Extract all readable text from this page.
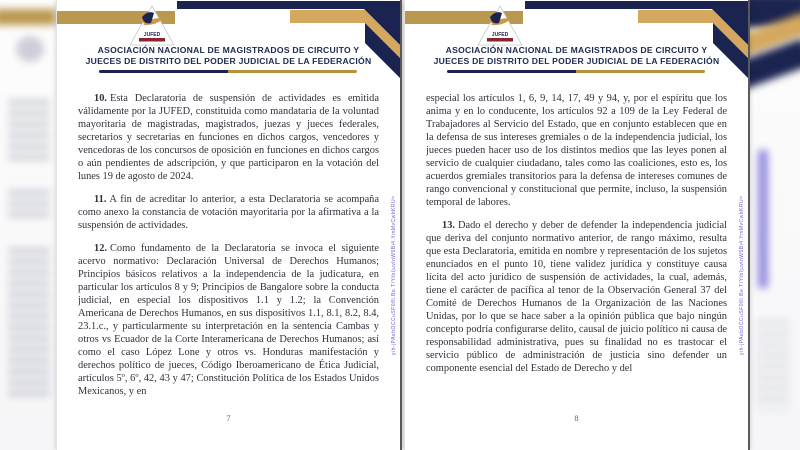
JUFED
ASOCIACIÓN NACIONAL DE MAGISTRADOS DE CIRCUITO Y
JUECES DE DISTRITO DEL PODER JUDICIAL DE LA FEDERACIÓN

10. Esta Declaratoria de suspensión de actividades es emitida válidamente por la JUFED, constituida como mandataria de la voluntad mayoritaria de magistradas, magistrados, juezas y jueces federales, secretarios y secretarias en funciones en dichos cargos, vencedores y vencedoras de los concursos de oposición en funciones en dichos cargos o aún pendientes de adscripción, y que participaron en la votación del lunes 19 de agosto de 2024.

11. A fin de acreditar lo anterior, a esta Declaratoria se acompaña como anexo la constancia de votación mayoritaria por la afirmativa a la suspensión de actividades.

12. Como fundamento de la Declaratoria se invoca el siguiente acervo normativo: Declaración Universal de Derechos Humanos; Principios básicos relativos a la independencia de la judicatura, en particular los artículos 8 y 9; Principios de Bangalore sobre la conducta judicial, en especial los dispositivos 1.1 y 1.2; la Convención Americana de Derechos Humanos, en sus dispositivos 1.1, 8.1, 8.2, 8.4, 23.1.c., y particularmente su interpretación en la sentencia Cambas y otros vs Ecuador de la Corte Interamericana de Derechos Humanos; así como el caso López Lone y otros vs. Honduras manifestación y derechos político de jueces, Código Iberoamericano de Ética Judicial, artículos 5º, 6º, 42, 43 y 47; Constitución Política de los Estados Unidos Mexicanos, y en

yih-jPAebOCCuSF08I.Be.T/YtbIjuvlnW5Bi4.YmMvCwbKRU=
7
JUFED
ASOCIACIÓN NACIONAL DE MAGISTRADOS DE CIRCUITO Y
JUECES DE DISTRITO DEL PODER JUDICIAL DE LA FEDERACIÓN

especial los artículos 1, 6, 9, 14, 17, 49 y 94, y, por el espíritu que los anima y en lo conducente, los artículos 92 a 109 de la Ley Federal de Trabajadores al Servicio del Estado, que en conjunto establecen que en la defensa de sus intereses gremiales o de la independencia judicial, los jueces pueden hacer uso de los distintos medios que las leyes ponen al servicio de cualquier ciudadano, tales como las coaliciones, esto es, los acuerdos gremiales transitorios para la defensa de intereses comunes de rango convencional y constitucional que permite, incluso, la suspensión temporal de labores.

13. Dado el derecho y deber de defender la independencia judicial que deriva del conjunto normativo anterior, de rango máximo, resulta que esta Declaratoria, emitida en nombre y representación de los sujetos enunciados en el punto 10, tiene validez jurídica y constituye causa lícita del acto jurídico de suspensión de actividades, la cual, además, tiene el carácter de pacífica al tenor de la Observación General 37 del Comité de Derechos Humanos de la Organización de las Naciones Unidas, por lo que se hace saber a la opinión pública que bajo ningún concepto podría configurarse delito, causal de juicio político ni causa de responsabilidad administrativa, pues su finalidad no es trastocar el servicio público de administración de justicia sino defender un componente esencial del Estado de Derecho y del

yih-jPAebOCCuSF08I.Be.T/YtbIjuvlnW5Bi4.YmMvCwbKRU=
8
